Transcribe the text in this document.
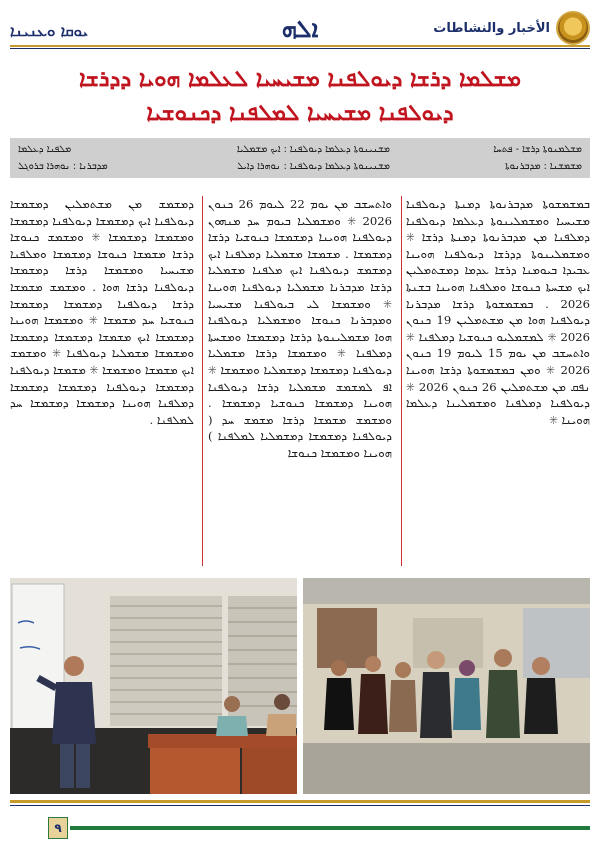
ܝܘܩܐ ܘܥܢܝܢܐ	ܐܠܗ	الأخبار والنشاطات
ܡܫܠܡܐ ܕܪܫܐ ܕܝܘܠܦܢܐ ܡܫܝܚܝܐ ܠܥܠܡܐ ܗܘܝܐ ܕܕܪܫܐ
ܕܝܘܠܦܢܐ ܡܫܝܚܝܐ ܠܡܠܦܢܐ ܕܟܢܘܫܝܐ
ܡܫܠܡܢܘܬܐ ܕܪܫܐ - ܦܬܚܐ
ܡܫܢܝܢܘܬܐ ܕܥܠܡܐ ܕܝܘܠܦܢܐ : ܐܝܟ ܡܫܡܠܝܐ
ܡܠܦܢܐ ܕܥܠܡܐ
ܡܫܡܫܢܐ : ܡܕܒܪܢܘܬܐ
ܡܫܢܝܢܘܬܐ ܕܥܠܡܐ ܕܝܘܠܦܢܐ : ܢܘܗܪܐ ܕܐܝܠ
ܡܕܒܪܢܐ : ܢܘܗܪܐ ܒܪܘܓܠ

ܒܡܫܡܫܘܬܐ ܡܕܒܪܢܘܬܐ ܕܡܢܬܐ ܕܝܘܠܦܢܐ ܡܫܝܚܝܐ ܘܡܫܡܠܝܢܘܬܐ ܕܥܠܡܐ ܕܝܘܠܦܢܐ ܕܡܠܦܢܐ ܡܢ ܡܕܒܪܢܘܬܐ ܕܡܢܬܐ ܕܪܫܐ ✳ ܘܡܫܡܠܝܢܘܬܐ ܕܕܪܫܐ ܕܝܘܠܦܢܐ ܗܘܝܢܐ ܥܒܝܕܐ ܒܝܘܡܢܐ ܕܪܫܐ ܥܕܡܐ ܕܡܫܬܡܠܝܢ ܐܝܟ ܡܫܚܬܐ ܟܢܘܫܐ ܘܡܠܦܢܐ ܗܘܝܢܐ ܒܫܢܬܐ 2026 . ܒܡܫܡܫܘܬܐ ܕܪܫܐ ܡܕܒܪܢܐ ܕܝܘܠܦܢܐ ܗܘܐ ܡܢ ܡܫܬܡܠܝܢ 19 ܟܢܘܢ 2026 ✳ ܠܡܫܡܠܝܘ ܟܢܘܫܝܐ ܕܡܠܦܢܐ ✳ ܘܐܬܚܫܒ ܡܢ ܝܘܡ 15 ܠܝܘܡ 19 ܟܢܘܢ 2026 ✳ ܘܡܢ ܒܡܫܡܫܘܬܐ ܕܪܫܐ ܗܘܝܢܐ ܢܦܩ ܡܢ ܡܫܬܡܠܝܢ 26 ܟܢܘܢ 2026 ✳ ܕܝܘܠܦܢܐ ܕܡܠܦܢܐ ܘܡܫܡܠܝܢܐ ܕܥܠܡܐ ܗܘܝܢܐ ✳

ܘܐܬܚܫܒ ܡܢ ܝܘܡ 22 ܠܝܘܡ 26 ܟܢܘܢ 2026 ✳ ܘܡܫܡܠܝܐ ܒܝܘܡ ܚܕ ܡܢܗܘܢ ܕܝܘܠܦܢܐ ܗܘܝܢܐ ܕܡܫܡܫܐ ܟܢܘܫܝܐ ܕܪܫܐ ܕܡܫܡܫܐ . ܡܫܡܫܐ ܡܫܡܠܝܐ ܕܡܠܦܢܐ ܐܝܟ ܕܡܫܡܫ ܕܝܘܠܦܢܐ ܐܝܟ ܡܠܦܢܐ ܡܫܡܠܝܐ ܕܪܫܐ ܡܕܒܪܢܐ ܡܫܡܠܝܐ ܕܝܘܠܦܢܐ ܗܘܝܢܐ ✳ ܘܡܫܡܫܐ ܠܝ ܒܝܘܠܦܢܐ ܡܫܝܚܝܐ ܘܡܕܒܪܢܐ ܟܢܘܫܐ ܘܡܫܡܠܝܐ ܕܝܘܠܦܢܐ ܗܘܐ ܡܫܡܠܝܢܘܬܐ ܕܪܫܐ ܕܡܫܡܫܐ ܘܡܫܚܬܐ ܕܡܠܦܢܐ ✳ ܘܡܫܡܫܐ ܕܪܫܐ ܡܫܡܠܝܐ ܕܝܘܠܦܢܐ ܕܡܫܡܫܐ ܕܡܫܡܠܝܐ ܘܡܫܡܫܐ ✳ ܐܦ ܠܡܫܡܫ ܡܫܡܠܝܐ ܕܪܫܐ ܕܝܘܠܦܢܐ ܗܘܝܢܐ ܕܡܫܡܫܐ ܟܢܘܫܝܐ ܕܡܫܡܫܐ . ܘܡܫܡܫ ܡܫܡܫܐ ܕܪܫܐ ܡܫܡܫ ܚܕ ( ܕܝܘܠܦܢܐ ܕܡܫܡܫܐ ܕܡܫܡܠܝܐ ܠܡܠܦܢܐ ) ܗܘܝܢܐ ܘܡܫܡܫܐ ܟܢܘܫܐ

ܕܡܫܡܫ ܡܢ ܡܫܬܡܠܝܢ ܕܡܫܡܫܐ ܕܝܘܠܦܢܐ ܐܝܟ ܕܡܫܡܫܐ ܕܝܘܠܦܢܐ ܕܡܫܡܫܐ ܘܡܫܡܫܐ ܕܡܫܡܫܐ ✳ ܘܡܫܡܫ ܟܢܘܫܐ ܕܪܫܐ ܡܫܡܫܐ ܟܢܘܫܐ ܕܡܫܡܫܐ ܘܡܠܦܢܐ ܡܫܝܚܝܐ ܘܡܫܡܫܐ ܕܪܫܐ ܕܡܫܡܫܐ ܕܝܘܠܦܢܐ ܕܪܫܐ ܗܘܐ . ܘܡܫܡܫ ܡܫܡܫܐ ܕܪܫܐ ܕܝܘܠܦܢܐ ܕܡܫܡܫܐ ܕܡܫܡܫܐ ܟܢܘܫܝܐ ܚܕ ܡܫܡܫܐ ✳ ܘܡܫܡܫܐ ܗܘܝܢܐ ܕܡܫܡܫܐ ܐܝܟ ܡܫܡܫܐ ܕܡܫܡܫܐ ܕܡܫܡܫܐ ܘܡܫܡܫܐ ܡܫܡܠܝܐ ܕܝܘܠܦܢܐ ✳ ܘܡܫܡܫ ܐܝܟ ܡܫܡܫܐ ܘܡܫܡܫܐ ✳ ܡܫܡܫܐ ܕܝܘܠܦܢܐ ܕܡܫܡܫܐ ܕܝܘܠܦܢܐ ܕܡܫܡܫܐ ܕܡܫܡܫܐ ܕܡܠܦܢܐ ܗܘܝܢܐ ܕܡܫܡܫܐ ܕܡܫܡܫܐ ܚܕ ܠܡܠܦܢܐ .

٩
